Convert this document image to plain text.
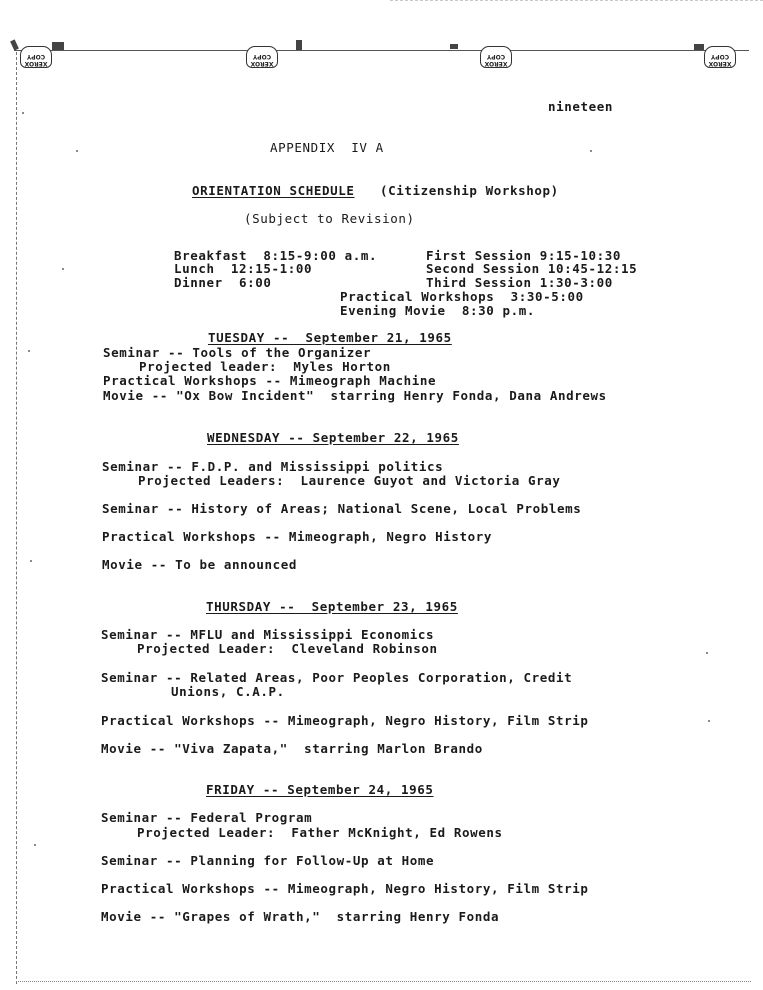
XEROX COPY
XEROX COPY
XEROX COPY
XEROX COPY
nineteen
APPENDIX  IV A
ORIENTATION SCHEDULE (Citizenship Workshop)
(Subject to Revision)
Breakfast  8:15-9:00 a.m.
Lunch  12:15-1:00
Dinner  6:00
First Session 9:15-10:30
Second Session 10:45-12:15
Third Session 1:30-3:00
Practical Workshops  3:30-5:00
Evening Movie  8:30 p.m.
TUESDAY --  September 21, 1965
Seminar -- Tools of the Organizer
Projected leader:  Myles Horton
Practical Workshops -- Mimeograph Machine
Movie -- "Ox Bow Incident"  starring Henry Fonda, Dana Andrews
WEDNESDAY -- September 22, 1965
Seminar -- F.D.P. and Mississippi politics
Projected Leaders:  Laurence Guyot and Victoria Gray
Seminar -- History of Areas; National Scene, Local Problems
Practical Workshops -- Mimeograph, Negro History
Movie -- To be announced
THURSDAY --  September 23, 1965
Seminar -- MFLU and Mississippi Economics
Projected Leader:  Cleveland Robinson
Seminar -- Related Areas, Poor Peoples Corporation, Credit
Unions, C.A.P.
Practical Workshops -- Mimeograph, Negro History, Film Strip
Movie -- "Viva Zapata,"  starring Marlon Brando
FRIDAY -- September 24, 1965
Seminar -- Federal Program
Projected Leader:  Father McKnight, Ed Rowens
Seminar -- Planning for Follow-Up at Home
Practical Workshops -- Mimeograph, Negro History, Film Strip
Movie -- "Grapes of Wrath,"  starring Henry Fonda
